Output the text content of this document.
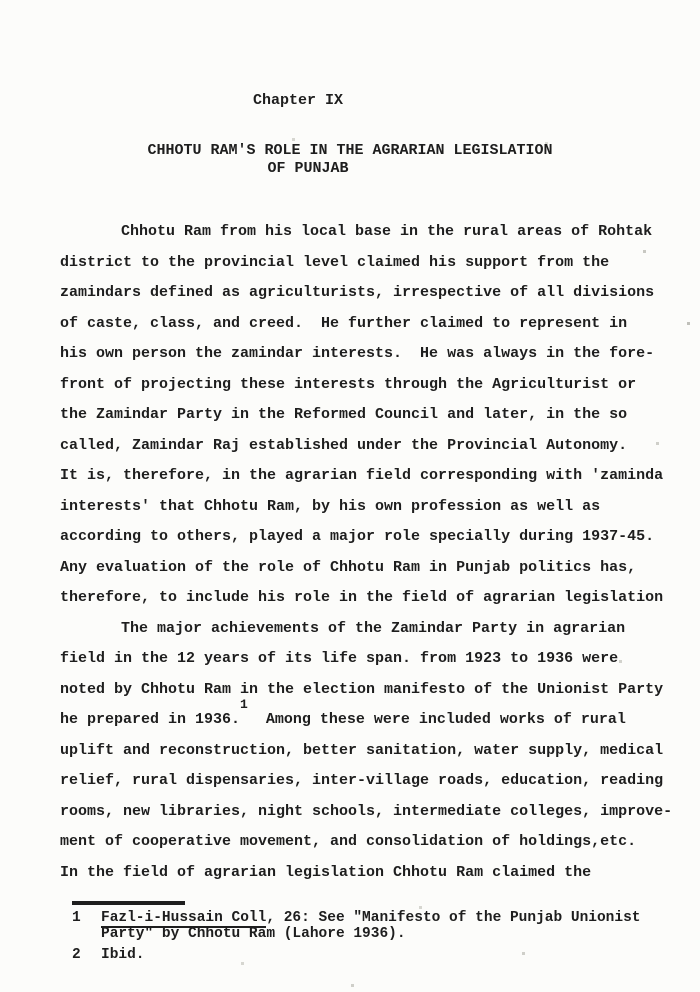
Chapter IX
CHHOTU RAM'S ROLE IN THE AGRARIAN LEGISLATION
OF PUNJAB
Chhotu Ram from his local base in the rural areas of Rohtak
district to the provincial level claimed his support from the
zamindars defined as agriculturists, irrespective of all divisions
of caste, class, and creed.  He further claimed to represent in
his own person the zamindar interests.  He was always in the fore-
front of projecting these interests through the Agriculturist or
the Zamindar Party in the Reformed Council and later, in the so
called, Zamindar Raj established under the Provincial Autonomy.
It is, therefore, in the agrarian field corresponding with 'zaminda
interests' that Chhotu Ram, by his own profession as well as
according to others, played a major role specially during 1937-45.
Any evaluation of the role of Chhotu Ram in Punjab politics has,
therefore, to include his role in the field of agrarian legislation
The major achievements of the Zamindar Party in agrarian
field in the 12 years of its life span. from 1923 to 1936 were
noted by Chhotu Ram in the election manifesto of the Unionist Party
he prepared in 1936.$^1$  Among these were included works of rural
uplift and reconstruction, better sanitation, water supply, medical
relief, rural dispensaries, inter-village roads, education, reading
rooms, new libraries, night schools, intermediate colleges, improve-
ment of cooperative movement, and consolidation of holdings,etc.
In the field of agrarian legislation Chhotu Ram claimed the
1	Fazl-i-Hussain Coll, 26: See "Manifesto of the Punjab Unionist
Party" by Chhotu Ram (Lahore 1936).
2	Ibid.
